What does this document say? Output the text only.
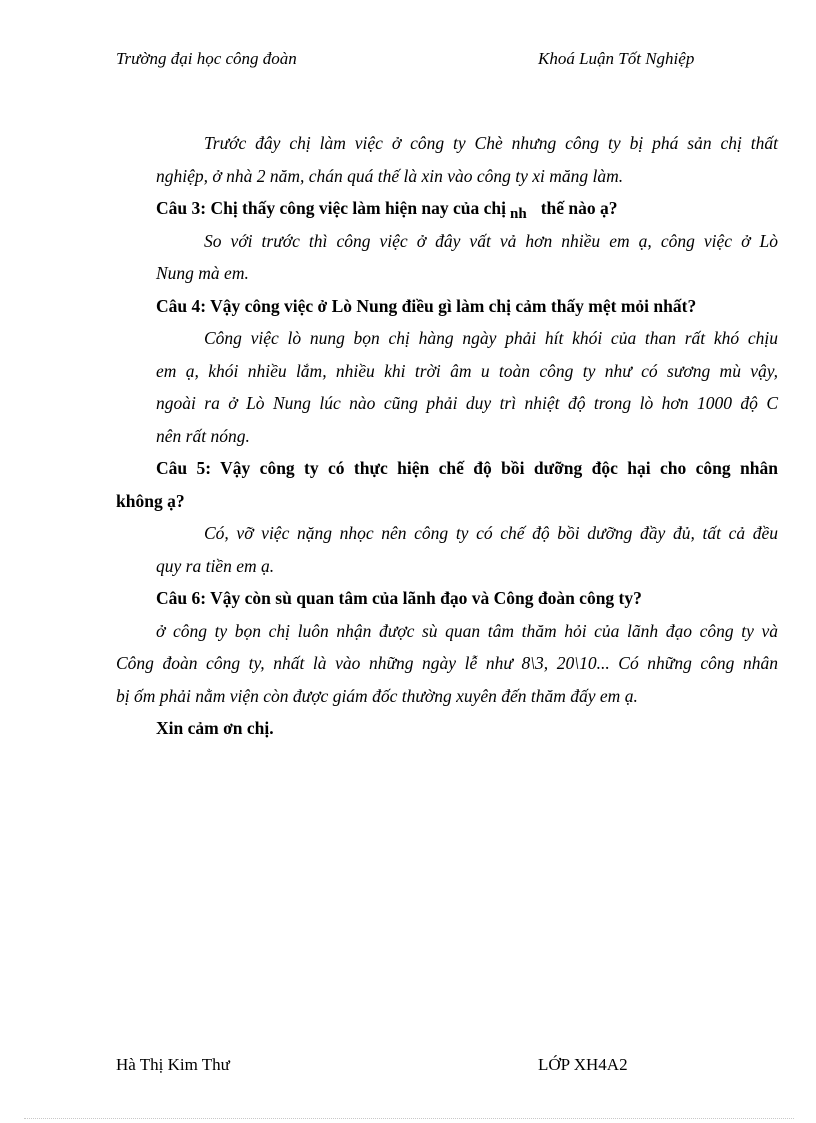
Trường đại học công đoàn	Khoá Luận Tốt Nghiệp
Trước đây chị làm việc ở công ty Chè nhưng công ty bị phá sản chị thất
nghiệp, ở nhà 2 năm, chán quá thế là xin vào công ty xi măng làm.
Câu 3: Chị thấy công việc làm hiện nay của chị nh thế nào ạ?
So với trước thì công việc ở đây vất vả hơn nhiều em ạ, công việc ở Lò
Nung mà em.
Câu 4: Vậy công việc ở Lò Nung điều gì làm chị cảm thấy mệt mỏi nhất?
Công việc lò nung bọn chị hàng ngày phải hít khói của than rất khó chịu
em ạ, khói nhiều lắm, nhiều khi trời âm u toàn công ty như có sương mù vậy,
ngoài ra ở Lò Nung lúc nào cũng phải duy trì nhiệt độ trong lò hơn 1000 độ C
nên rất nóng.
Câu 5: Vậy công ty có thực hiện chế độ bồi dưỡng độc hại cho công nhân
không ạ?
Có, vỡ việc nặng nhọc nên công ty có chế độ bồi dưỡng đầy đủ, tất cả đều
quy ra tiền em ạ.
Câu 6: Vậy còn sù quan tâm của lãnh đạo và Công đoàn công ty?
ở công ty bọn chị luôn nhận được sù quan tâm thăm hỏi của lãnh đạo công ty và
Công đoàn công ty, nhất là vào những ngày lễ như 8\3, 20\10... Có những công nhân
bị ốm phải nằm viện còn được giám đốc thường xuyên đến thăm đấy em ạ.
Xin cảm ơn chị.
Hà Thị Kim Thư	LỚP XH4A2
